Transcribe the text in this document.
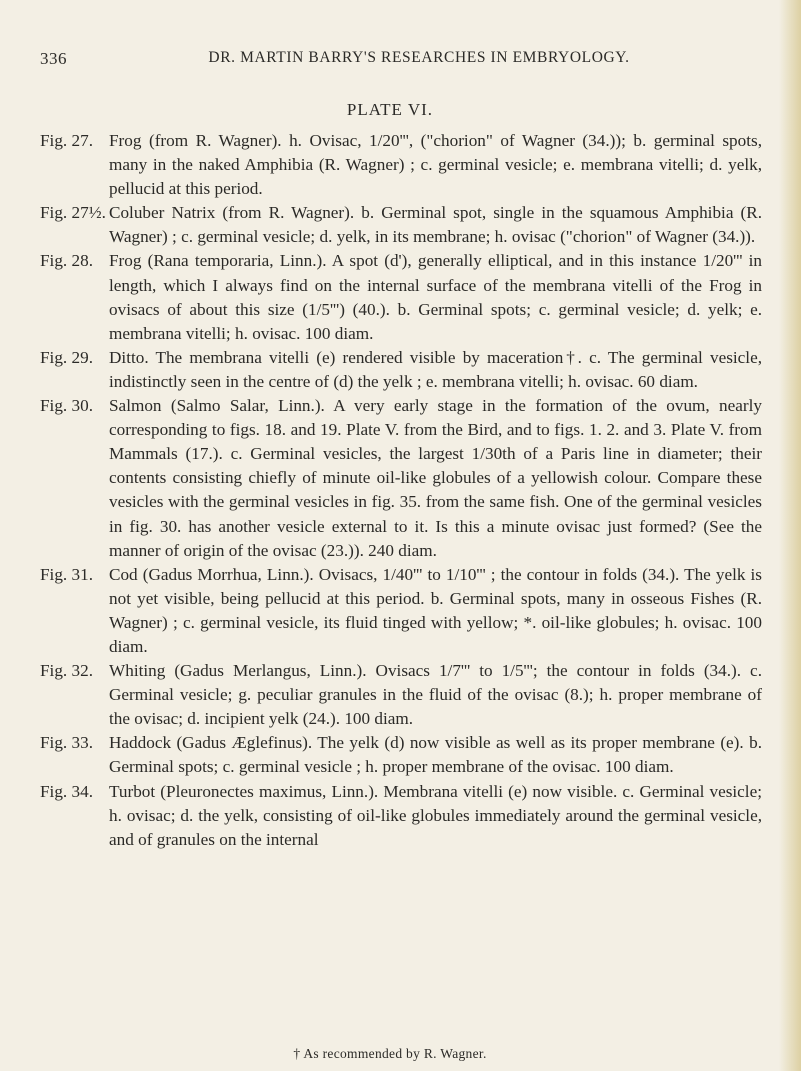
336	DR. MARTIN BARRY'S RESEARCHES IN EMBRYOLOGY.
PLATE VI.

Fig. 27. Frog (from R. Wagner). h. Ovisac, 1/20''', ("chorion" of Wagner (34.)); b. germinal spots, many in the naked Amphibia (R. Wagner) ; c. germinal vesicle; e. membrana vitelli; d. yelk, pellucid at this period.

Fig. 27½. Coluber Natrix (from R. Wagner). b. Germinal spot, single in the squamous Amphibia (R. Wagner) ; c. germinal vesicle; d. yelk, in its membrane; h. ovisac ("chorion" of Wagner (34.)).

Fig. 28. Frog (Rana temporaria, Linn.). A spot (d'), generally elliptical, and in this instance 1/20''' in length, which I always find on the internal surface of the membrana vitelli of the Frog in ovisacs of about this size (1/5''') (40.). b. Germinal spots; c. germinal vesicle; d. yelk; e. membrana vitelli; h. ovisac. 100 diam.

Fig. 29. Ditto. The membrana vitelli (e) rendered visible by maceration†. c. The germinal vesicle, indistinctly seen in the centre of (d) the yelk ; e. membrana vitelli; h. ovisac. 60 diam.

Fig. 30. Salmon (Salmo Salar, Linn.). A very early stage in the formation of the ovum, nearly corresponding to figs. 18. and 19. Plate V. from the Bird, and to figs. 1. 2. and 3. Plate V. from Mammals (17.). c. Germinal vesicles, the largest 1/30th of a Paris line in diameter; their contents consisting chiefly of minute oil-like globules of a yellowish colour. Compare these vesicles with the germinal vesicles in fig. 35. from the same fish. One of the germinal vesicles in fig. 30. has another vesicle external to it. Is this a minute ovisac just formed? (See the manner of origin of the ovisac (23.)). 240 diam.

Fig. 31. Cod (Gadus Morrhua, Linn.). Ovisacs, 1/40''' to 1/10''' ; the contour in folds (34.). The yelk is not yet visible, being pellucid at this period. b. Germinal spots, many in osseous Fishes (R. Wagner) ; c. germinal vesicle, its fluid tinged with yellow; *. oil-like globules; h. ovisac. 100 diam.

Fig. 32. Whiting (Gadus Merlangus, Linn.). Ovisacs 1/7''' to 1/5'''; the contour in folds (34.). c. Germinal vesicle; g. peculiar granules in the fluid of the ovisac (8.); h. proper membrane of the ovisac; d. incipient yelk (24.). 100 diam.

Fig. 33. Haddock (Gadus Æglefinus). The yelk (d) now visible as well as its proper membrane (e). b. Germinal spots; c. germinal vesicle ; h. proper membrane of the ovisac. 100 diam.

Fig. 34. Turbot (Pleuronectes maximus, Linn.). Membrana vitelli (e) now visible. c. Germinal vesicle; h. ovisac; d. the yelk, consisting of oil-like globules immediately around the germinal vesicle, and of granules on the internal

† As recommended by R. Wagner.
